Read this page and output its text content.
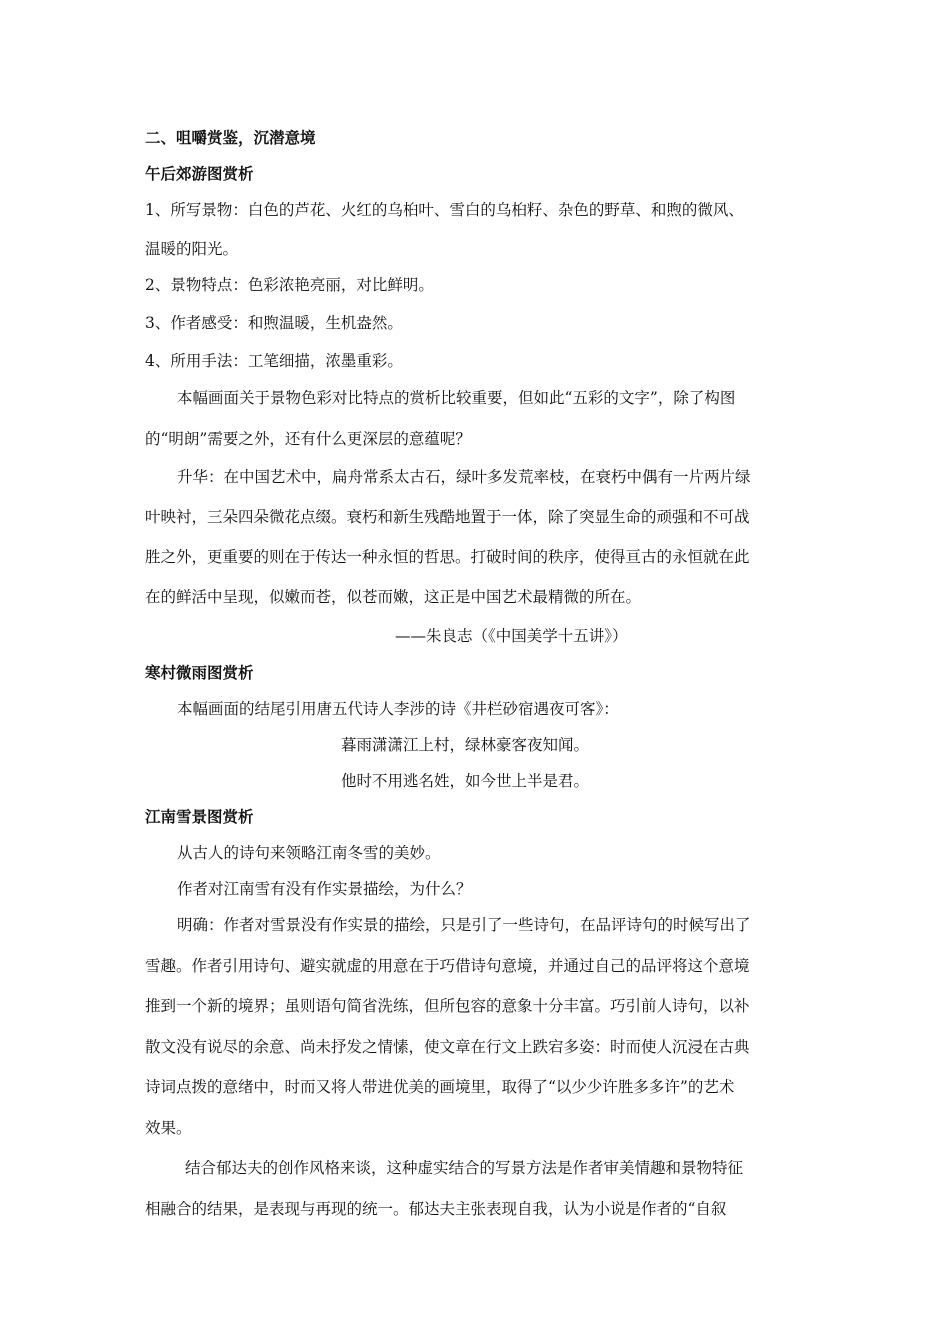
二、咀嚼赏鉴，沉潜意境
午后郊游图赏析
1、所写景物：白色的芦花、火红的乌桕叶、雪白的乌桕籽、杂色的野草、和煦的微风、
温暖的阳光。
2、景物特点：色彩浓艳亮丽，对比鲜明。
3、作者感受：和煦温暖，生机盎然。
4、所用手法：工笔细描，浓墨重彩。
本幅画面关于景物色彩对比特点的赏析比较重要，但如此“五彩的文字”，除了构图
的“明朗”需要之外，还有什么更深层的意蕴呢？
升华：在中国艺术中，扁舟常系太古石，绿叶多发荒率枝，在衰朽中偶有一片两片绿
叶映衬，三朵四朵微花点缀。衰朽和新生残酷地置于一体，除了突显生命的顽强和不可战
胜之外，更重要的则在于传达一种永恒的哲思。打破时间的秩序，使得亘古的永恒就在此
在的鲜活中呈现，似嫩而苍，似苍而嫩，这正是中国艺术最精微的所在。
——朱良志（《中国美学十五讲》）
寒村微雨图赏析
本幅画面的结尾引用唐五代诗人李涉的诗《井栏砂宿遇夜可客》：
暮雨潇潇江上村，绿林豪客夜知闻。
他时不用逃名姓，如今世上半是君。
江南雪景图赏析
从古人的诗句来领略江南冬雪的美妙。
作者对江南雪有没有作实景描绘，为什么？
明确：作者对雪景没有作实景的描绘，只是引了一些诗句，在品评诗句的时候写出了
雪趣。作者引用诗句、避实就虚的用意在于巧借诗句意境，并通过自己的品评将这个意境
推到一个新的境界；虽则语句简省洗练，但所包容的意象十分丰富。巧引前人诗句，以补
散文没有说尽的余意、尚未抒发之情愫，使文章在行文上跌宕多姿：时而使人沉浸在古典
诗词点拨的意绪中，时而又将人带进优美的画境里，取得了“以少少许胜多多许”的艺术
效果。
结合郁达夫的创作风格来谈，这种虚实结合的写景方法是作者审美情趣和景物特征
相融合的结果，是表现与再现的统一。郁达夫主张表现自我，认为小说是作者的“自叙
